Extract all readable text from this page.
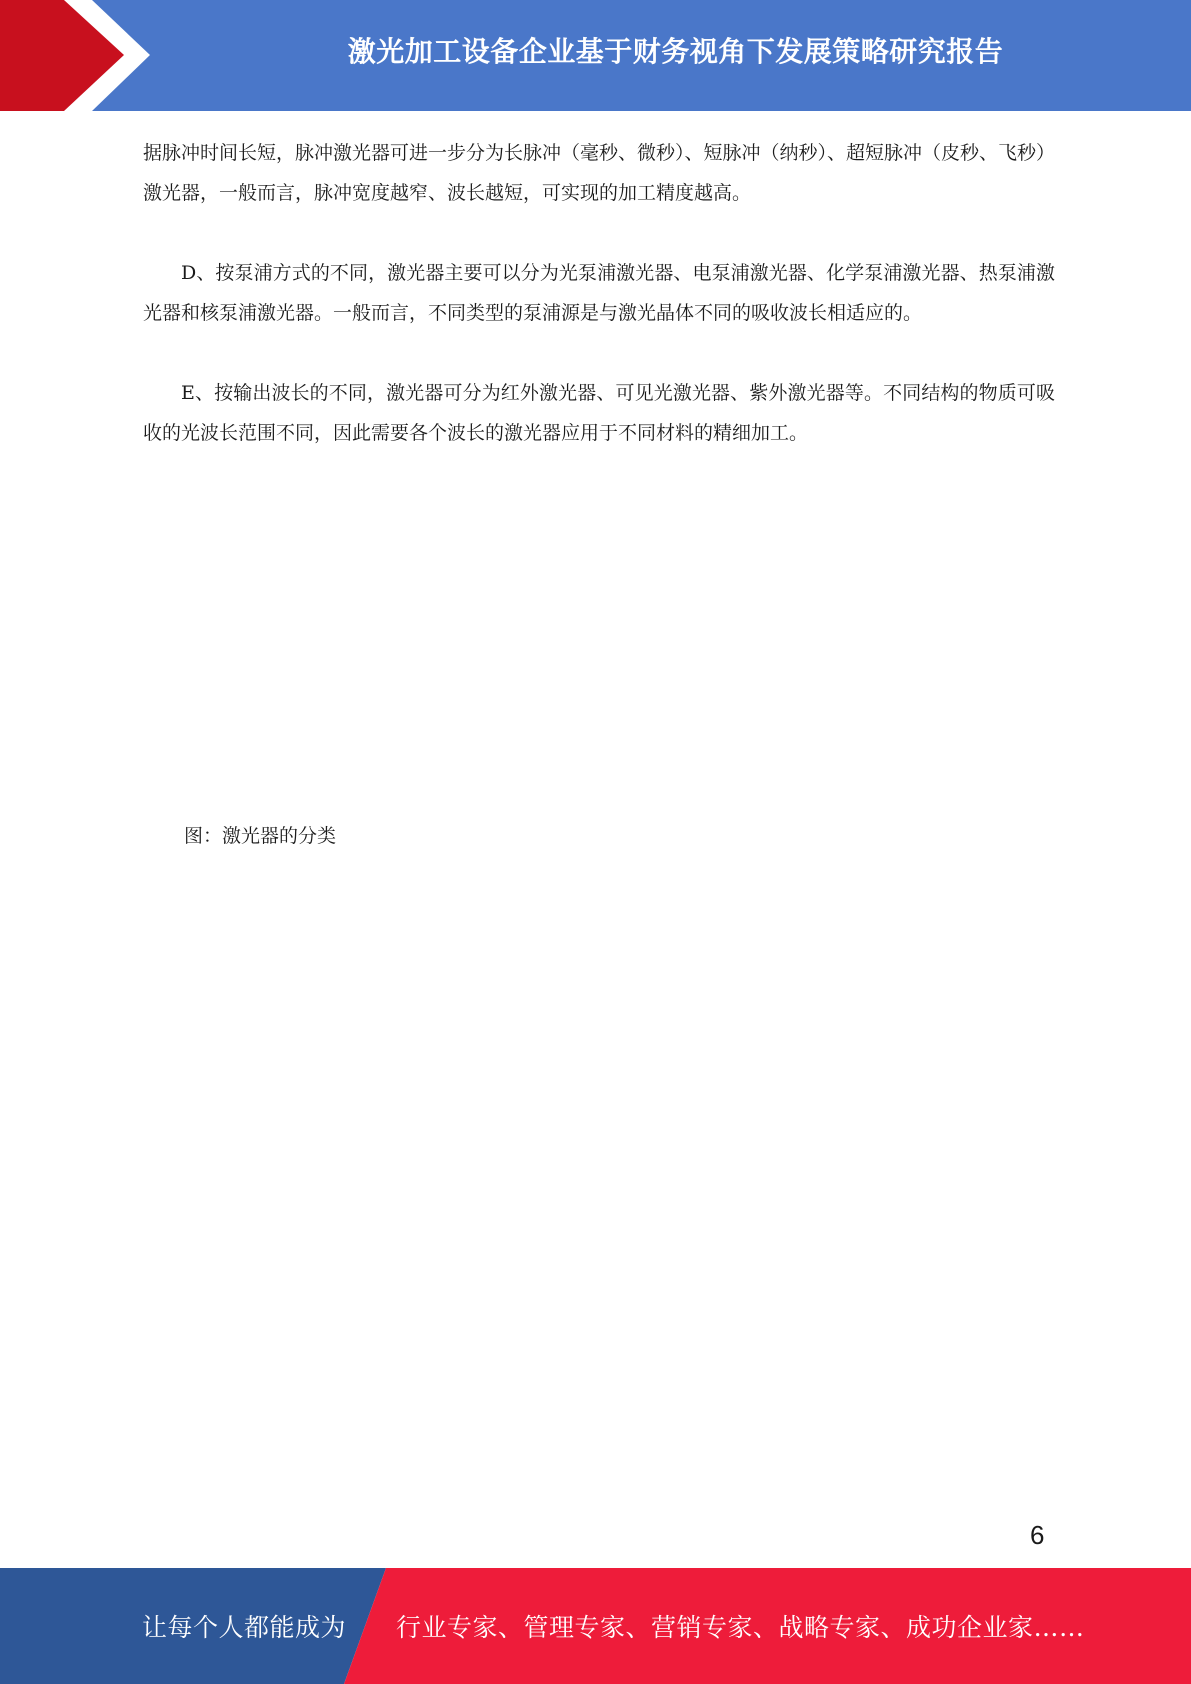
激光加工设备企业基于财务视角下发展策略研究报告

据脉冲时间长短，脉冲激光器可进一步分为长脉冲（毫秒、微秒）、短脉冲（纳秒）、超短脉冲（皮秒、飞秒）激光器，一般而言，脉冲宽度越窄、波长越短，可实现的加工精度越高。

D、按泵浦方式的不同，激光器主要可以分为光泵浦激光器、电泵浦激光器、化学泵浦激光器、热泵浦激光器和核泵浦激光器。一般而言，不同类型的泵浦源是与激光晶体不同的吸收波长相适应的。

E、按输出波长的不同，激光器可分为红外激光器、可见光激光器、紫外激光器等。不同结构的物质可吸收的光波长范围不同，因此需要各个波长的激光器应用于不同材料的精细加工。

图：激光器的分类
6
让每个人都能成为 行业专家、管理专家、营销专家、战略专家、成功企业家……
